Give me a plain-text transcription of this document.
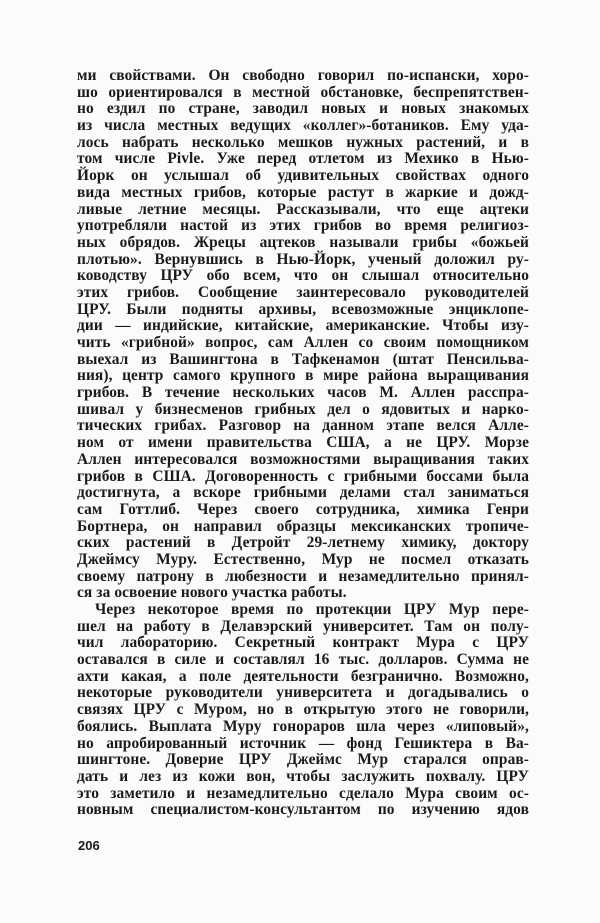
ми свойствами. Он свободно говорил по-испански, хоро-
шо ориентировался в местной обстановке, беспрепятствен-
но ездил по стране, заводил новых и новых знакомых
из числа местных ведущих «коллег»-ботаников. Ему уда-
лось набрать несколько мешков нужных растений, и в
том числе Pivle. Уже перед отлетом из Мехико в Нью-
Йорк он услышал об удивительных свойствах одного
вида местных грибов, которые растут в жаркие и дожд-
ливые летние месяцы. Рассказывали, что еще ацтеки
употребляли настой из этих грибов во время религиоз-
ных обрядов. Жрецы ацтеков называли грибы «божьей
плотью». Вернувшись в Нью-Йорк, ученый доложил ру-
ководству ЦРУ обо всем, что он слышал относительно
этих грибов. Сообщение заинтересовало руководителей
ЦРУ. Были подняты архивы, всевозможные энциклопе-
дии — индийские, китайские, американские. Чтобы изу-
чить «грибной» вопрос, сам Аллен со своим помощником
выехал из Вашингтона в Тафкенамон (штат Пенсильва-
ния), центр самого крупного в мире района выращивания
грибов. В течение нескольких часов М. Аллен расспра-
шивал у бизнесменов грибных дел о ядовитых и нарко-
тических грибах. Разговор на данном этапе велся Алле-
ном от имени правительства США, а не ЦРУ. Морзе
Аллен интересовался возможностями выращивания таких
грибов в США. Договоренность с грибными боссами была
достигнута, а вскоре грибными делами стал заниматься
сам Готтлиб. Через своего сотрудника, химика Генри
Бортнера, он направил образцы мексиканских тропиче-
ских растений в Детройт 29-летнему химику, доктору
Джеймсу Муру. Естественно, Мур не посмел отказать
своему патрону в любезности и незамедлительно принял-
ся за освоение нового участка работы.
Через некоторое время по протекции ЦРУ Мур пере-
шел на работу в Делавэрский университет. Там он полу-
чил лабораторию. Секретный контракт Мура с ЦРУ
оставался в силе и составлял 16 тыс. долларов. Сумма не
ахти какая, а поле деятельности безгранично. Возможно,
некоторые руководители университета и догадывались о
связях ЦРУ с Муром, но в открытую этого не говорили,
боялись. Выплата Муру гонораров шла через «липовый»,
но апробированный источник — фонд Гешиктера в Ва-
шингтоне. Доверие ЦРУ Джеймс Мур старался оправ-
дать и лез из кожи вон, чтобы заслужить похвалу. ЦРУ
это заметило и незамедлительно сделало Мура своим ос-
новным специалистом-консультантом по изучению ядов
206
